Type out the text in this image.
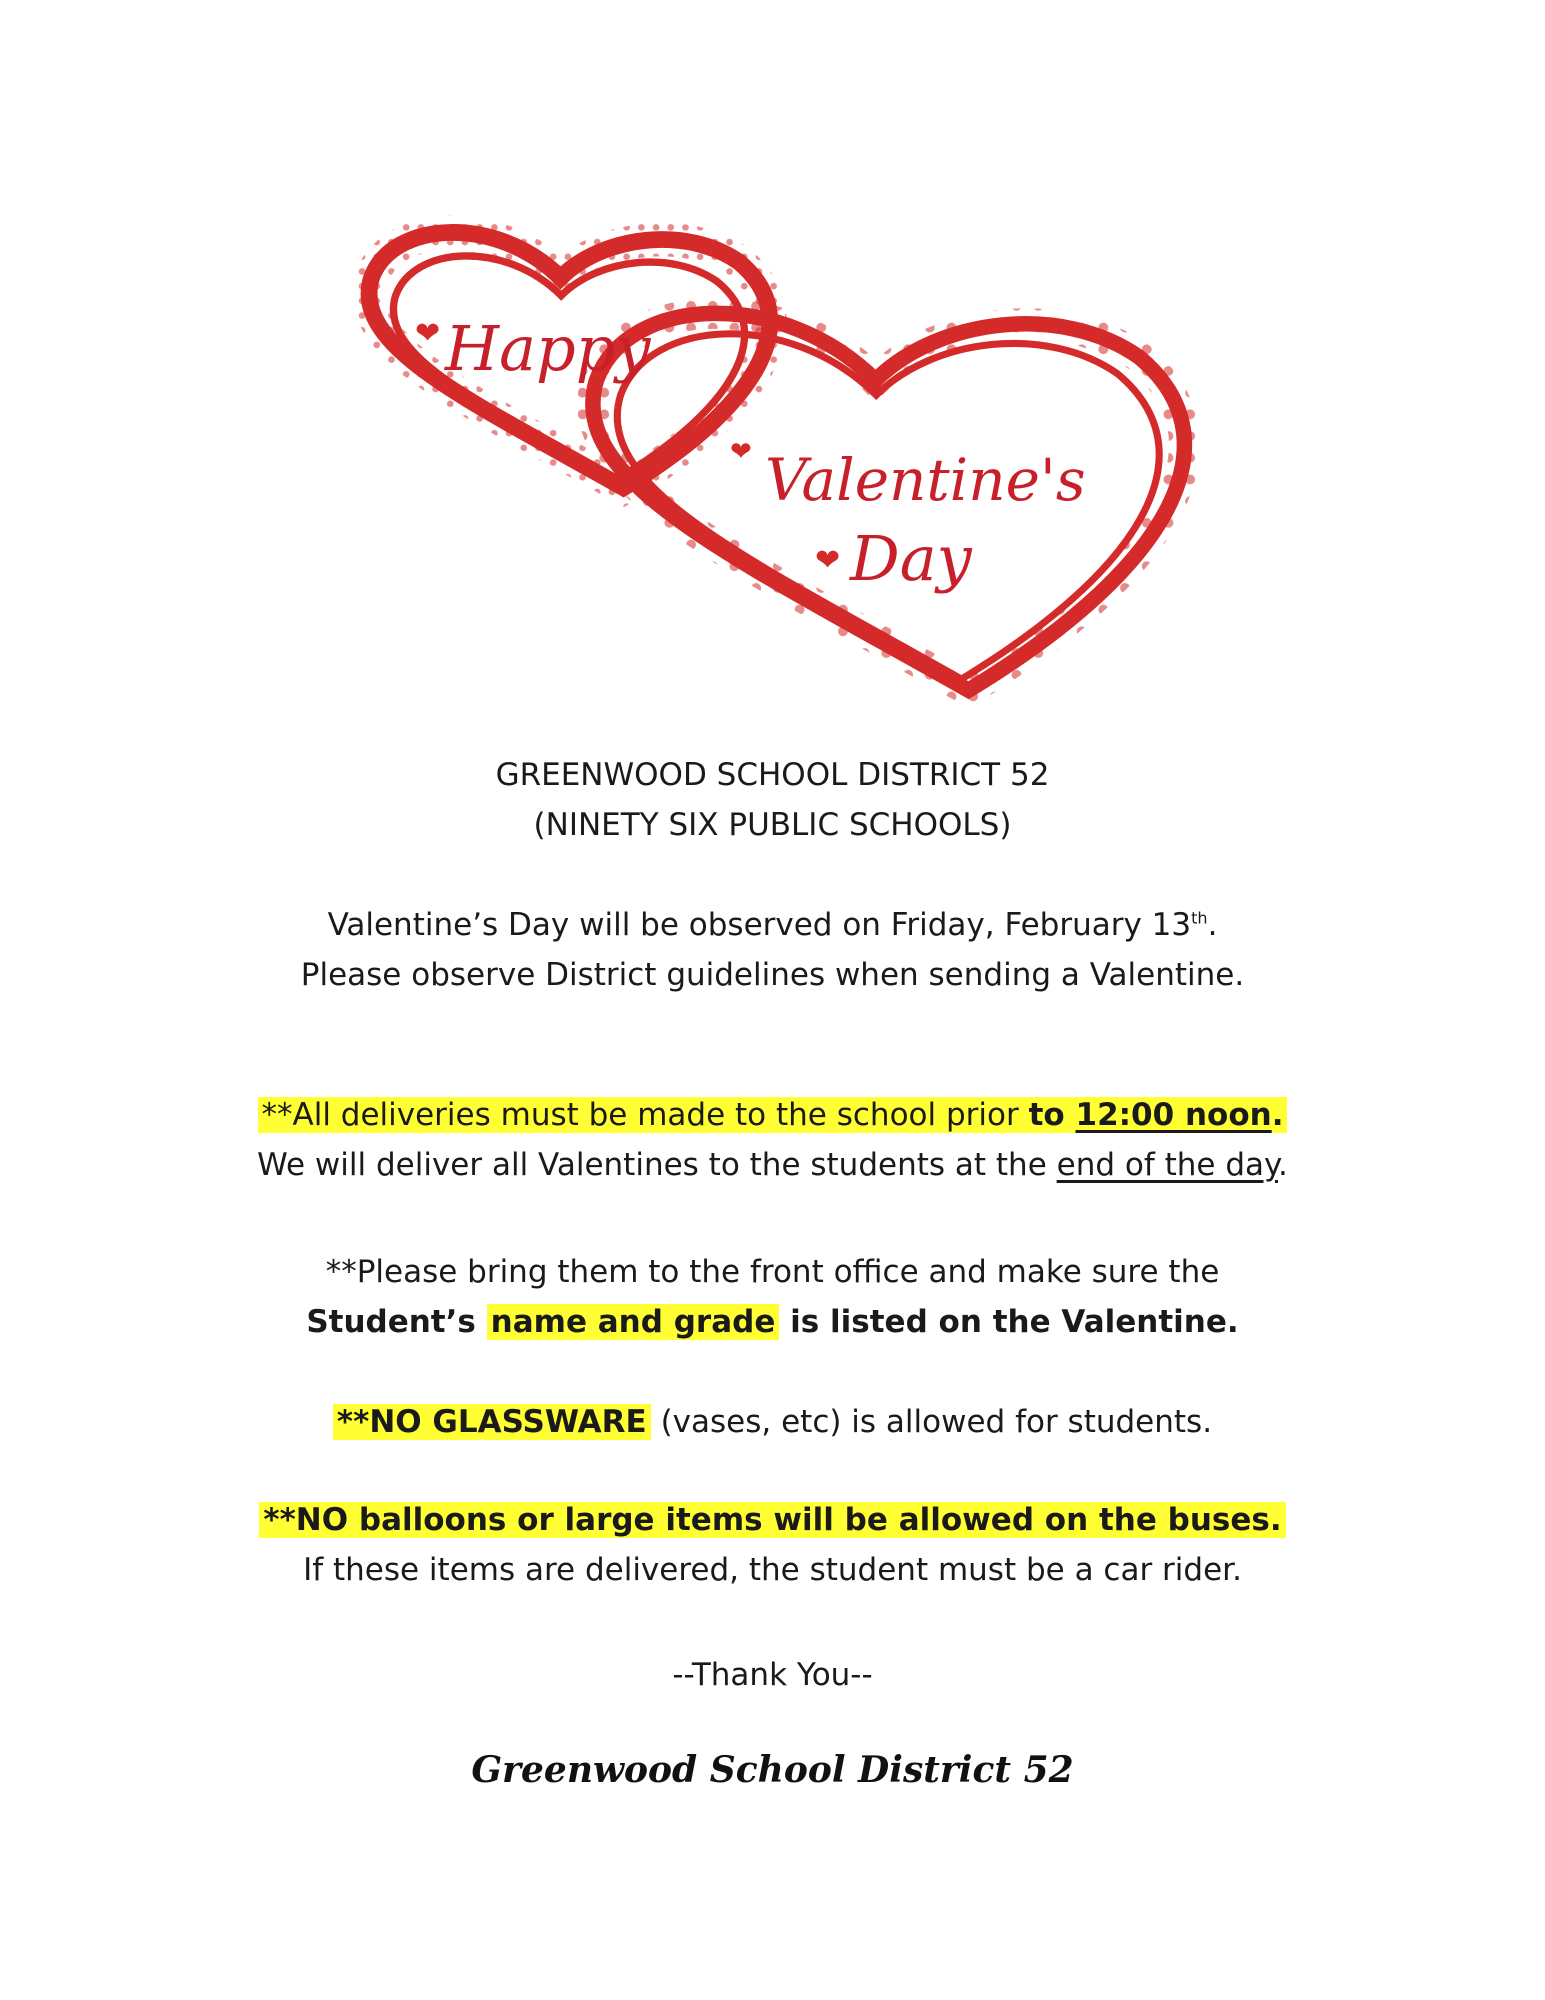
❤
❤
❤
Happy
Valentine's
Day
GREENWOOD SCHOOL DISTRICT 52
(NINETY SIX PUBLIC SCHOOLS)
Valentine’s Day will be observed on Friday, February 13th.
Please observe District guidelines when sending a Valentine.
**All deliveries must be made to the school prior to 12:00 noon.
We will deliver all Valentines to the students at the end of the day.
**Please bring them to the front office and make sure the
Student’s name and grade is listed on the Valentine.
**NO GLASSWARE (vases, etc) is allowed for students.
**NO balloons or large items will be allowed on the buses.
If these items are delivered, the student must be a car rider.
--Thank You--
Greenwood School District 52
